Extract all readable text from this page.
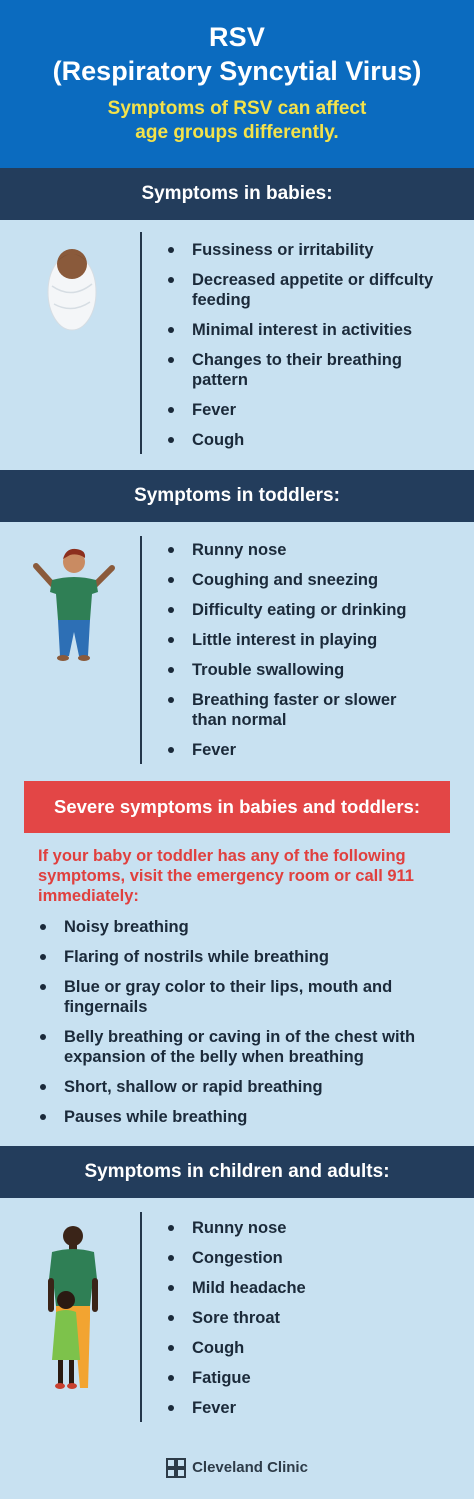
RSV
(Respiratory Syncytial Virus)
Symptoms of RSV can affect
age groups differently.
Symptoms in babies:
Fussiness or irritability
Decreased appetite or diffculty
feeding
Minimal interest in activities
Changes to their breathing
pattern
Fever
Cough
Symptoms in toddlers:
Runny nose
Coughing and sneezing
Difficulty eating or drinking
Little interest in playing
Trouble swallowing
Breathing faster or slower
than normal
Fever
Severe symptoms in babies and toddlers:
If your baby or toddler has any of the following
symptoms, visit the emergency room or call 911
immediately:
Noisy breathing
Flaring of nostrils while breathing
Blue or gray color to their lips, mouth and
fingernails
Belly breathing or caving in of the chest with
expansion of the belly when breathing
Short, shallow or rapid breathing
Pauses while breathing
Symptoms in children and adults:
Runny nose
Congestion
Mild headache
Sore throat
Cough
Fatigue
Fever
Cleveland Clinic
